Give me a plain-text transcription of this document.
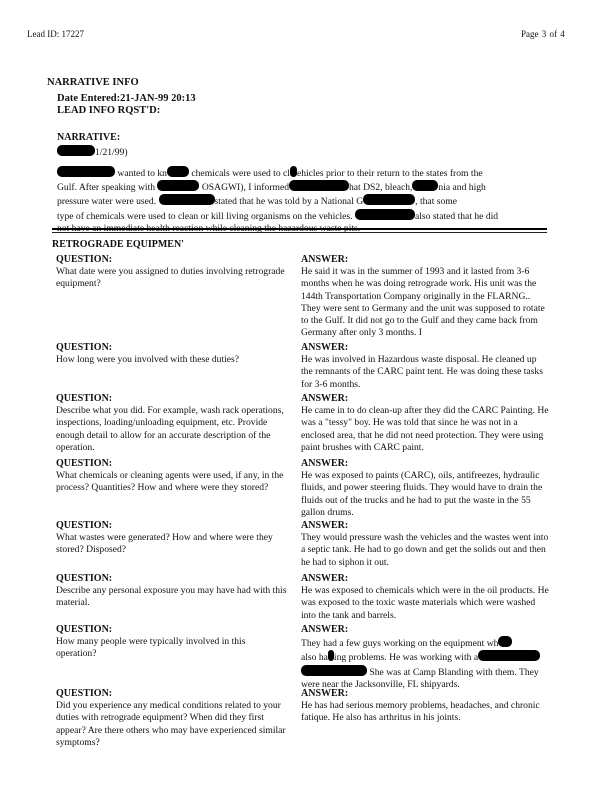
Lead ID: 17227	Page 3 of 4
NARRATIVE INFO
Date Entered:21-JAN-99 20:13
LEAD INFO RQST'D:
NARRATIVE:
1/21/99)
wanted to kn	chemicals were used to cl ehicles prior to their return to the states from the
Gulf. After speaking with	OSAGWI), I informed	hat DS2, bleach,	nia and high
pressure water were used.	stated that he was told by a National G	, that some
type of chemicals were used to clean or kill living organisms on the vehicles.	also stated that he did
not have an immediate health reaction while cleaning the hazardous waste pits.
RETROGRADE EQUIPMEN'
QUESTION:
What date were you assigned to duties involving retrograde equipment?
ANSWER:
He said it was in the summer of 1993 and it lasted from 3-6 months when he was doing retrograde work. His unit was the 144th Transportation Company originally in the FLARNG.. They were sent to Germany and the unit was supposed to rotate to the Gulf. It did not go to the Gulf and they came back from Germany after only 3 months. I
QUESTION:
How long were you involved with these duties?
ANSWER:
He was involved in Hazardous waste disposal. He cleaned up the remnants of the CARC paint tent. He was doing these tasks for 3-6 months.
QUESTION:
Describe what you did. For example, wash rack operations, inspections, loading/unloading equipment, etc. Provide enough detail to allow for an accurate description of the operation.
ANSWER:
He came in to do clean-up after they did the CARC Painting. He was a "tessy" boy. He was told that since he was not in a enclosed area, that he did not need protection. They were using paint brushes with CARC paint.
QUESTION:
What chemicals or cleaning agents were used, if any, in the process? Quantities? How and where were they stored?
ANSWER:
He was exposed to paints (CARC), oils, antifreezes, hydraulic fluids, and power steering fluids. They would have to drain the fluids out of the trucks and he had to put the waste in the 55 gallon drums.
QUESTION:
What wastes were generated? How and where were they stored? Disposed?
ANSWER:
They would pressure wash the vehicles and the wastes went into a septic tank. He had to go down and get the solids out and then he had to siphon it out.
QUESTION:
Describe any personal exposure you may have had with this material.
ANSWER:
He was exposed to chemicals which were in the oil products. He was exposed to the toxic waste materials which were washed into the tank and barrels.
QUESTION:
How many people were typically involved in this operation?
ANSWER:
They had a few guys working on the equipment wh
also ha ing problems. He was working with a
She was at Camp Blanding with them. They were near the Jacksonville, FL shipyards.
QUESTION:
Did you experience any medical conditions related to your duties with retrograde equipment? When did they first appear? Are there others who may have experienced similar symptoms?
ANSWER:
He has had serious memory problems, headaches, and chronic fatique. He also has arthritus in his joints.
